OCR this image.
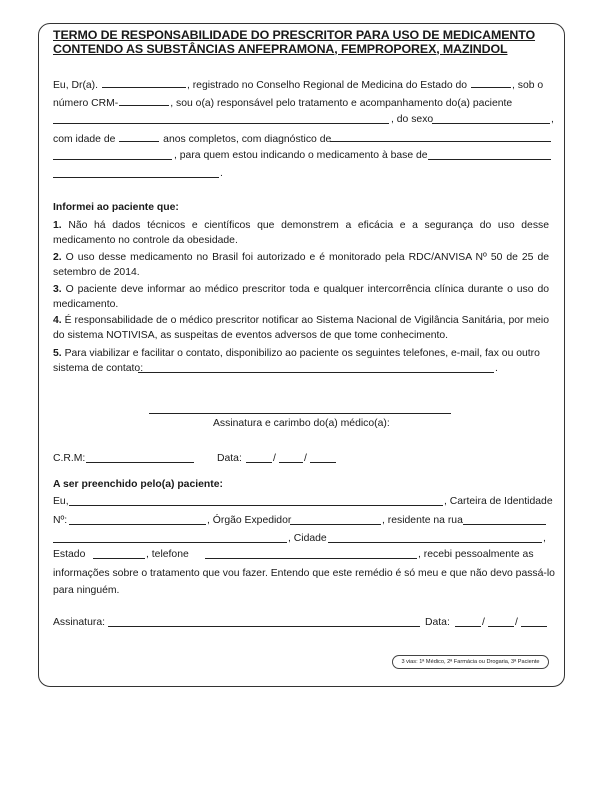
TERMO DE RESPONSABILIDADE DO PRESCRITOR PARA USO DE MEDICAMENTO
CONTENDO AS SUBSTÂNCIAS ANFEPRAMONA, FEMPROPOREX, MAZINDOL
Eu, Dr(a).	, registrado no Conselho Regional de Medicina do Estado do	, sob o
número CRM-	, sou o(a) responsável pelo tratamento e acompanhamento do(a) paciente
, do sexo	,
com idade de	anos completos, com diagnóstico de
, para quem estou indicando o medicamento à base de
.
Informei ao paciente que:
1. Não há dados técnicos e científicos que demonstrem a eficácia e a segurança do uso desse medicamento no controle da obesidade.
2. O uso desse medicamento no Brasil foi autorizado e é monitorado pela RDC/ANVISA Nº 50 de 25 de setembro de 2014.
3. O paciente deve informar ao médico prescritor toda e qualquer intercorrência clínica durante o uso do medicamento.
4. É responsabilidade de o médico prescritor notificar ao Sistema Nacional de Vigilância Sanitária, por meio do sistema NOTIVISA, as suspeitas de eventos adversos de que tome conhecimento.
5. Para viabilizar e facilitar o contato, disponibilizo ao paciente os seguintes telefones, e-mail, fax ou outro
sistema de contato:	.
Assinatura e carimbo do(a) médico(a):
C.R.M:	Data:	/	/
A ser preenchido pelo(a) paciente:
Eu,	, Carteira de Identidade
Nº:	, Órgão Expedidor	, residente na rua
, Cidade	,
Estado	, telefone	, recebi pessoalmente as
informações sobre o tratamento que vou fazer. Entendo que este remédio é só meu e que não devo passá-lo
para ninguém.
Assinatura:	Data:	/	/
3 vias: 1ª Médico, 2ª Farmácia ou Drogaria, 3ª Paciente
